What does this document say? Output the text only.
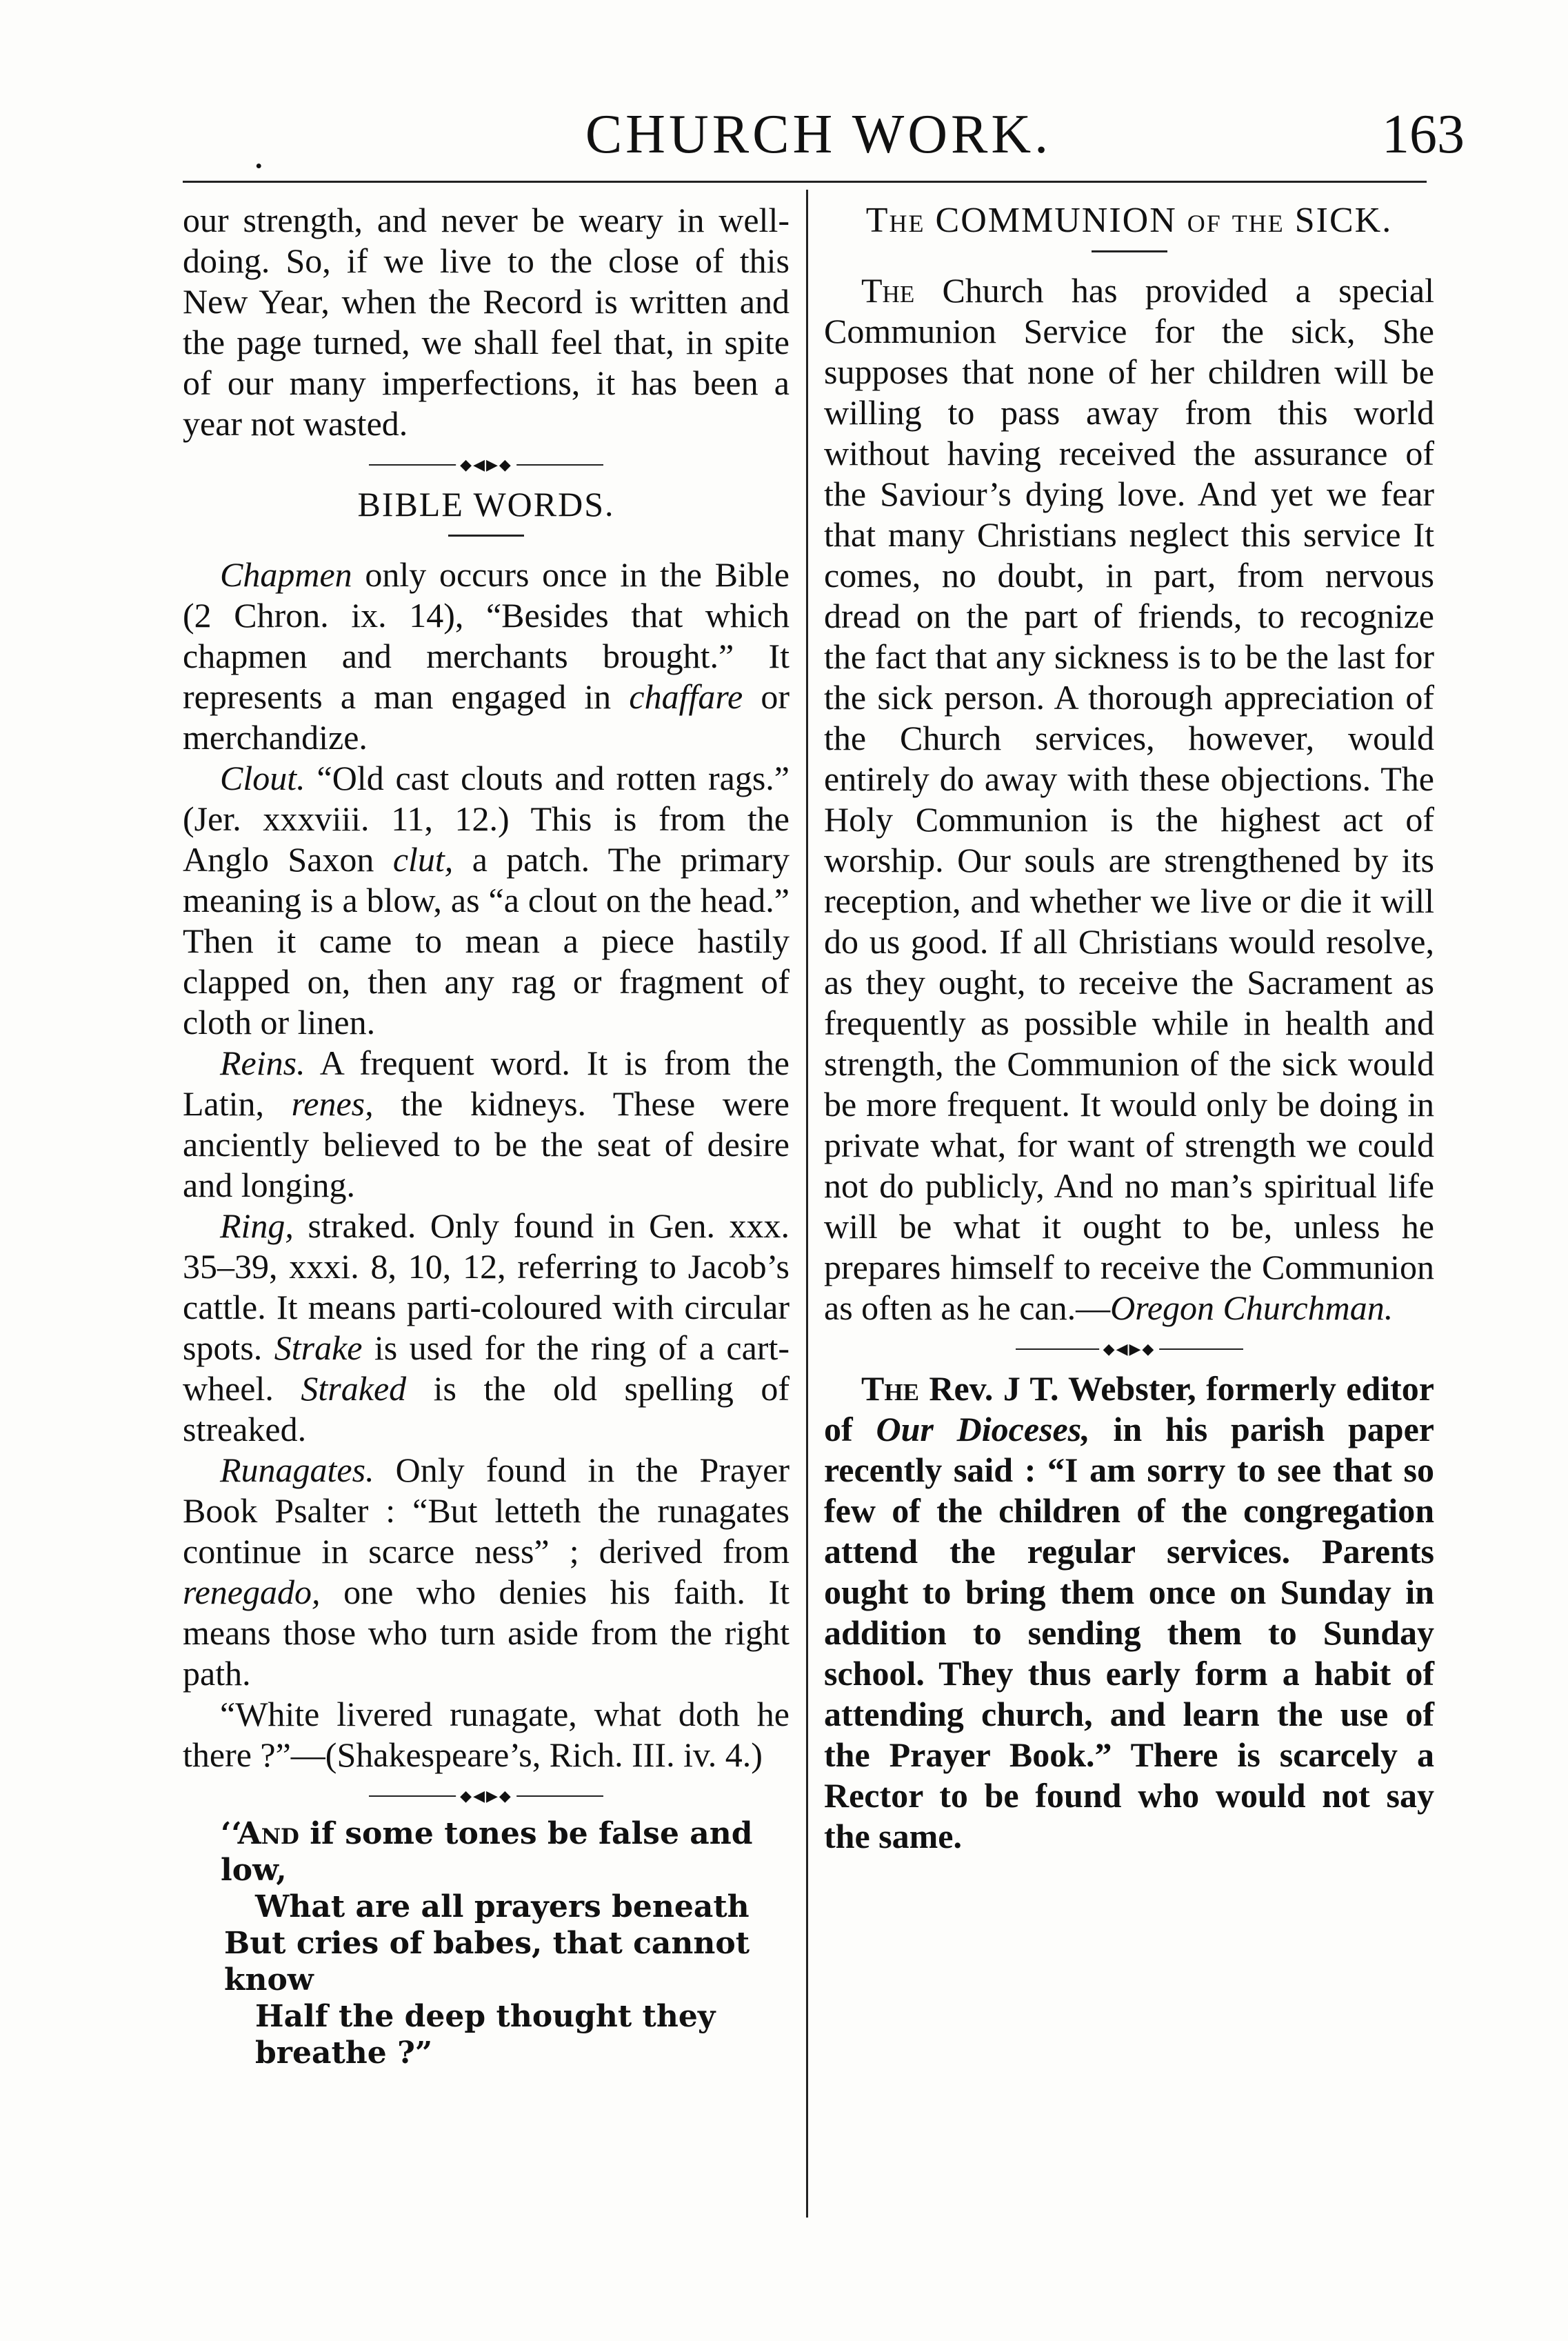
.	CHURCH WORK.	163

our strength, and never be weary in well-doing. So, if we live to the close of this New Year, when the Record is written and the page turned, we shall feel that, in spite of our many imperfections, it has been a year not wasted.

◆◀▶◆
BIBLE WORDS.

Chapmen only occurs once in the Bible (2 Chron. ix. 14), “Besides that which chapmen and merchants brought.” It represents a man engaged in chaffare or merchandize.

Clout. “Old cast clouts and rotten rags.” (Jer. xxxviii. 11, 12.) This is from the Anglo Saxon clut, a patch. The primary meaning is a blow, as “a clout on the head.” Then it came to mean a piece hastily clapped on, then any rag or fragment of cloth or linen.

Reins. A frequent word. It is from the Latin, renes, the kidneys. These were anciently believed to be the seat of desire and longing.

Ring, straked. Only found in Gen. xxx. 35–39, xxxi. 8, 10, 12, referring to Jacob’s cattle. It means parti-coloured with circular spots. Strake is used for the ring of a cart-wheel. Straked is the old spelling of streaked.

Runagates. Only found in the Prayer Book Psalter : “But letteth the runagates continue in scarce ness” ; derived from renegado, one who denies his faith. It means those who turn aside from the right path.

“White livered runagate, what doth he there ?”—(Shakespeare’s, Rich. III. iv. 4.)

◆◀▶◆
‘‘And if some tones be false and low,
What are all prayers beneath
But cries of babes, that cannot know
Half the deep thought they breathe ?”
The COMMUNION of the SICK.

The Church has provided a special Communion Service for the sick, She supposes that none of her children will be willing to pass away from this world without having received the assurance of the Saviour’s dying love. And yet we fear that many Christians neglect this service It comes, no doubt, in part, from nervous dread on the part of friends, to recognize the fact that any sickness is to be the last for the sick person. A thorough appreciation of the Church services, however, would entirely do away with these objections. The Holy Communion is the highest act of worship. Our souls are strengthened by its reception, and whether we live or die it will do us good. If all Christians would resolve, as they ought, to receive the Sacrament as frequently as possible while in health and strength, the Communion of the sick would be more frequent. It would only be doing in private what, for want of strength we could not do publicly, And no man’s spiritual life will be what it ought to be, unless he prepares himself to receive the Communion as often as he can.—Oregon Churchman.

◆◀▶◆

The Rev. J T. Webster, formerly editor of Our Dioceses, in his parish paper recently said : “I am sorry to see that so few of the children of the congregation attend the regular services. Parents ought to bring them once on Sunday in addition to sending them to Sunday school. They thus early form a habit of attending church, and learn the use of the Prayer Book.” There is scarcely a Rector to be found who would not say the same.
